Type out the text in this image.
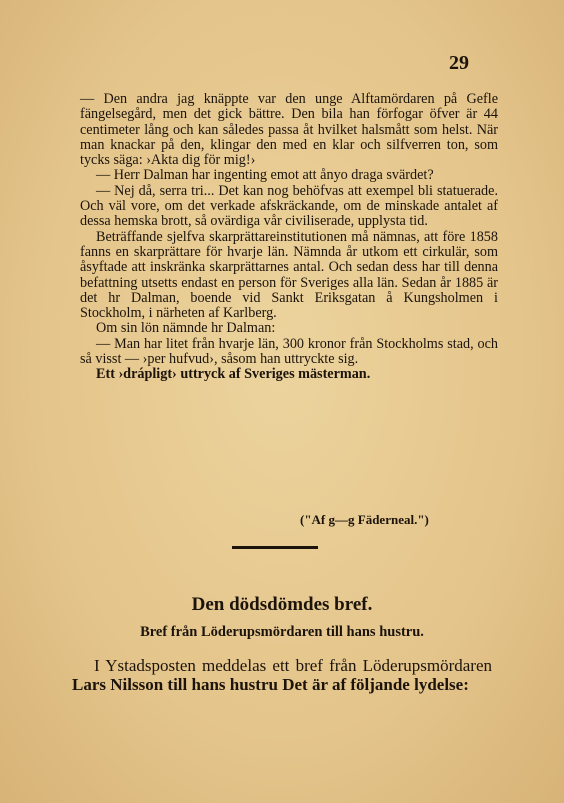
29

— Den andra jag knäppte var den unge Alftamördaren på Gefle fängelsegård, men det gick bättre. Den bila han förfogar öfver är 44 centimeter lång och kan således passa åt hvilket halsmått som helst. När man knackar på den, klingar den med en klar och silfverren ton, som tycks säga: ›Akta dig för mig!›

— Herr Dalman har ingenting emot att ånyo draga svärdet?

— Nej då, serra tri... Det kan nog behöfvas att exempel bli statuerade. Och väl vore, om det verkade afskräckande, om de minskade antalet af dessa hemska brott, så ovärdiga vår civiliserade, upplysta tid.

Beträffande sjelfva skarprättareinstitutionen må nämnas, att före 1858 fanns en skarprättare för hvarje län. Nämnda år utkom ett cirkulär, som åsyftade att inskränka skarprättarnes antal. Och sedan dess har till denna befattning utsetts endast en person för Sveriges alla län. Sedan år 1885 är det hr Dalman, boende vid Sankt Eriksgatan å Kungsholmen i Stockholm, i närheten af Karlberg.

Om sin lön nämnde hr Dalman:

— Man har litet från hvarje län, 300 kronor från Stockholms stad, och så visst — ›per hufvud›, såsom han uttryckte sig.

Ett ›drápligt› uttryck af Sveriges mästerman.

("Af g—g Fäderneal.")
Den dödsdömdes bref.
Bref från Löderupsmördaren till hans hustru.

I Ystadsposten meddelas ett bref från Löderupsmördaren Lars Nilsson till hans hustru Det är af följande lydelse:
